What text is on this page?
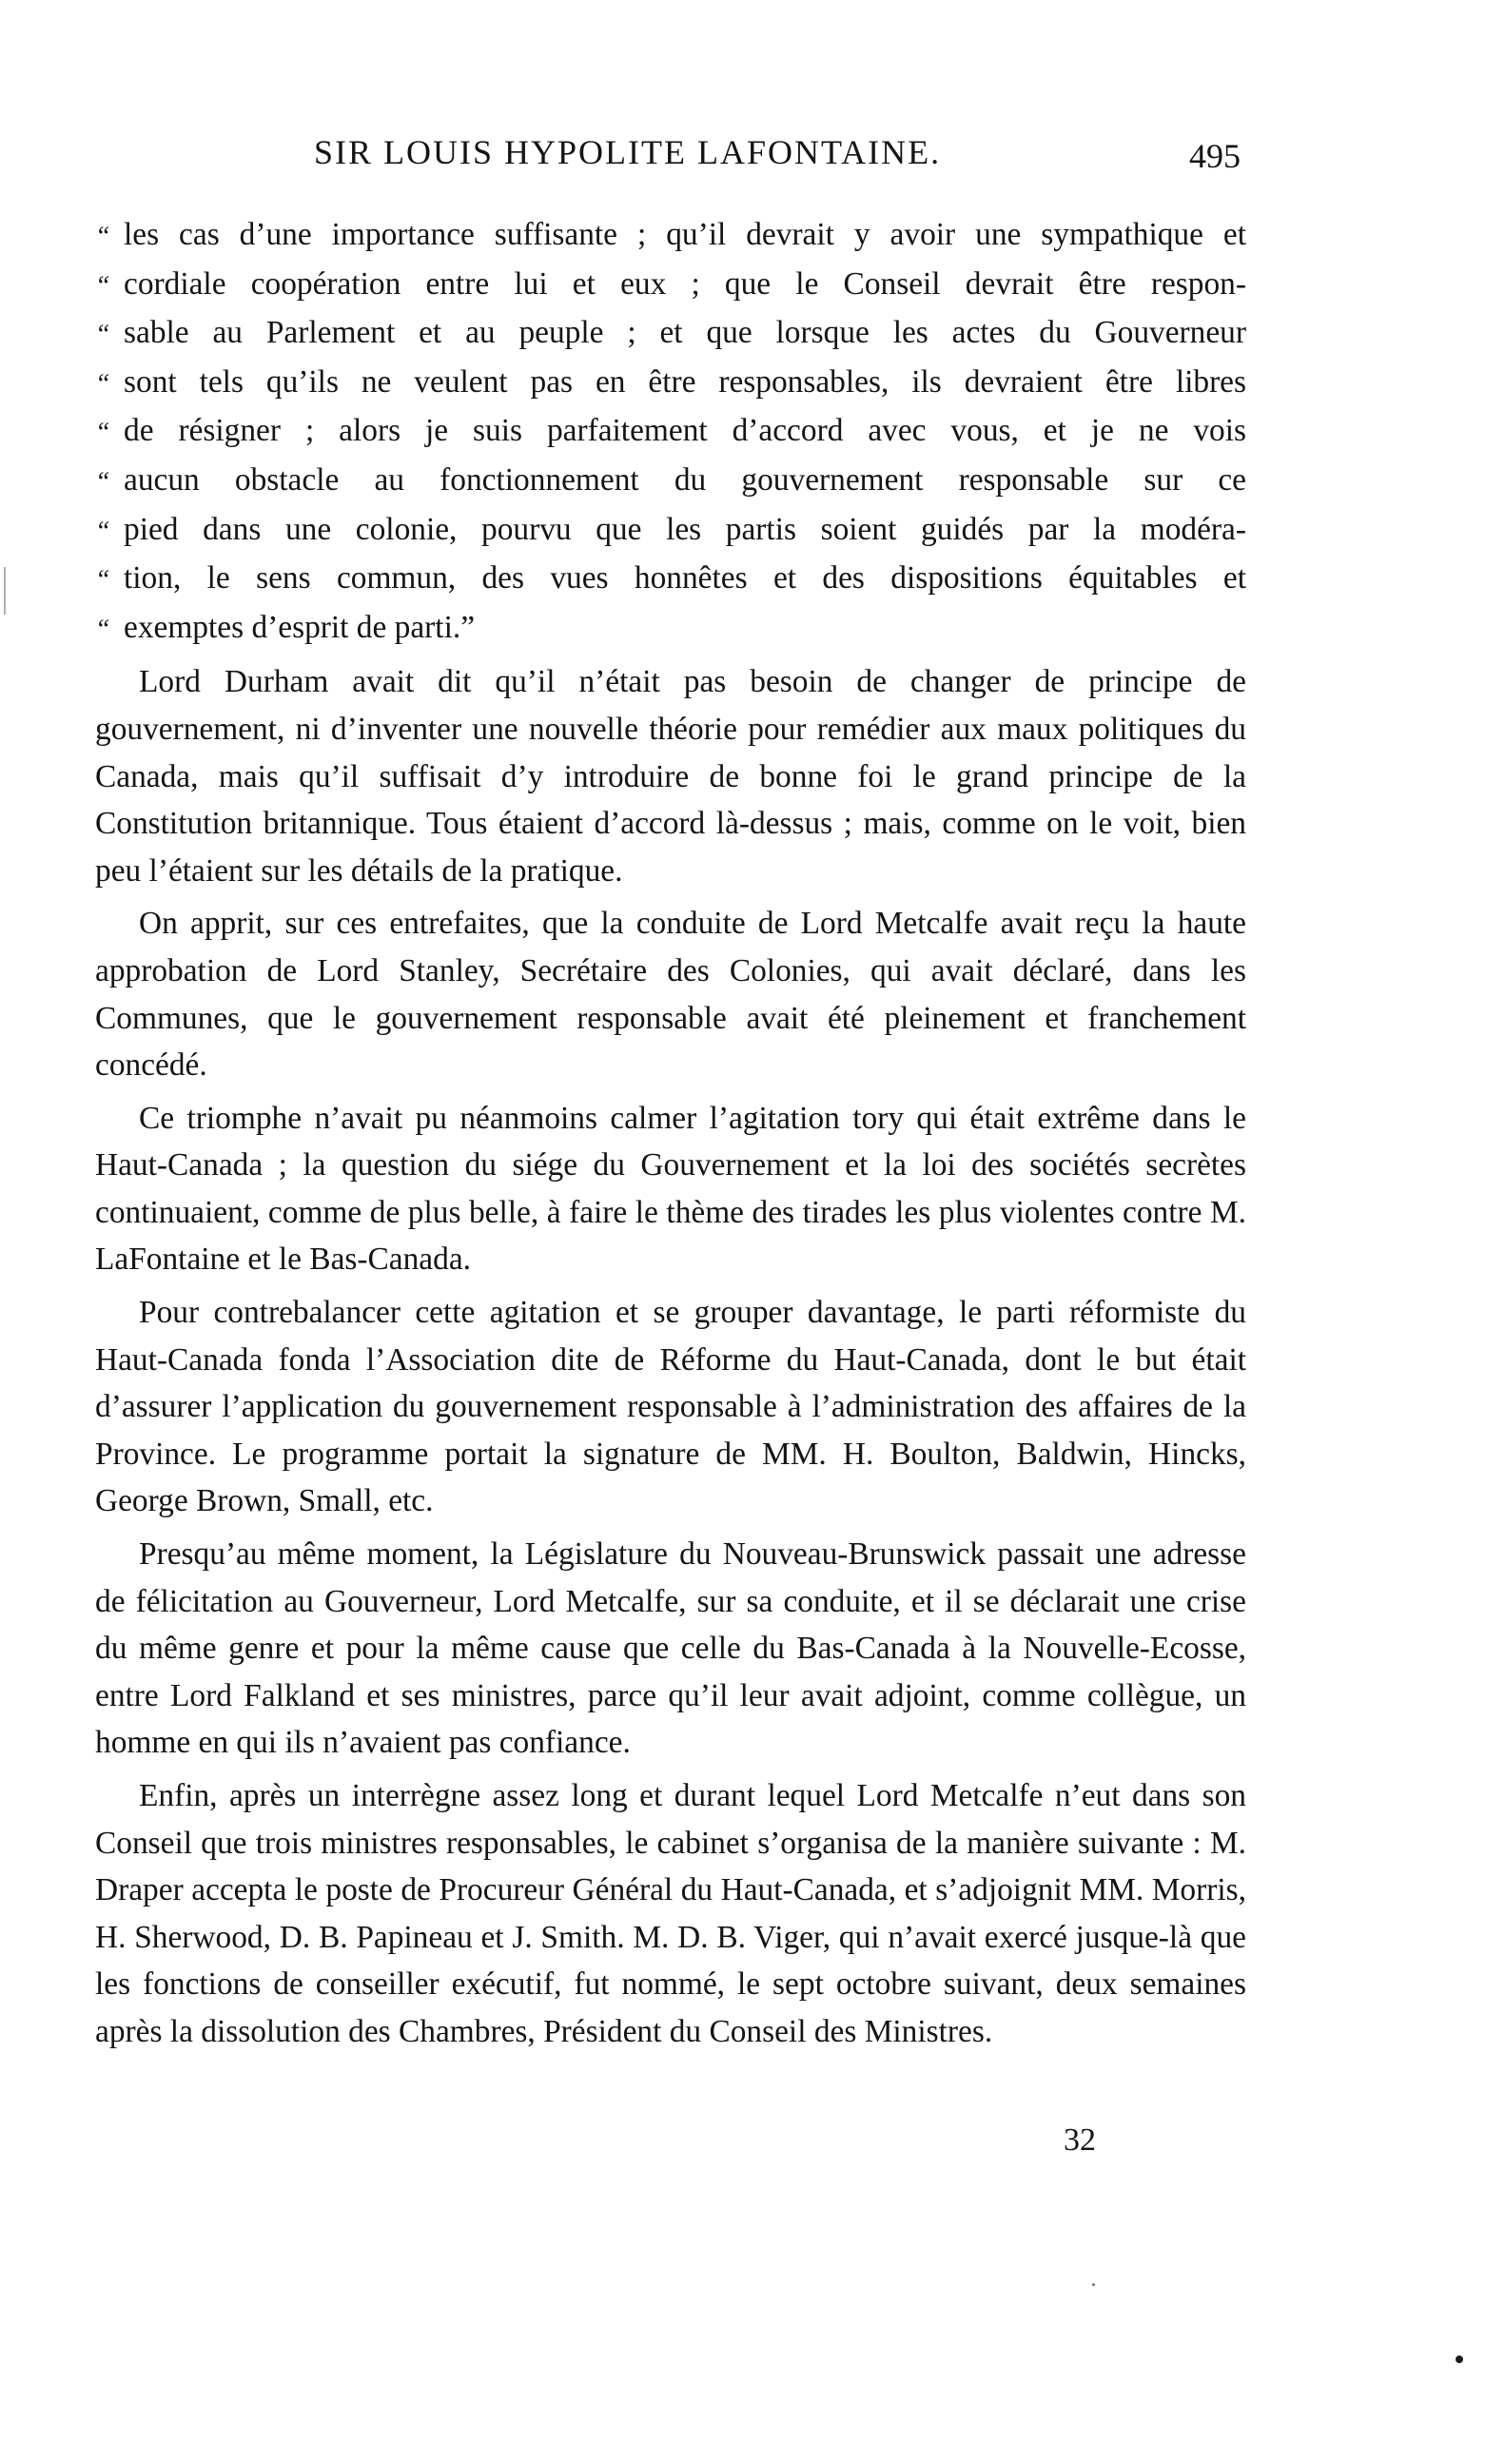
SIR LOUIS HYPOLITE LAFONTAINE.	495
“ les cas d’une importance suffisante ; qu’il devrait y avoir une sympathique et
“ cordiale coopération entre lui et eux ; que le Conseil devrait être respon-
“ sable au Parlement et au peuple ; et que lorsque les actes du Gouverneur
“ sont tels qu’ils ne veulent pas en être responsables, ils devraient être libres
“ de résigner ; alors je suis parfaitement d’accord avec vous, et je ne vois
“ aucun obstacle au fonctionnement du gouvernement responsable sur ce
“ pied dans une colonie, pourvu que les partis soient guidés par la modéra-
“ tion, le sens commun, des vues honnêtes et des dispositions équitables et
“ exemptes d’esprit de parti.”

Lord Durham avait dit qu’il n’était pas besoin de changer de principe de gouvernement, ni d’inventer une nouvelle théorie pour remédier aux maux politiques du Canada, mais qu’il suffisait d’y introduire de bonne foi le grand principe de la Constitution britannique. Tous étaient d’accord là-dessus ; mais, comme on le voit, bien peu l’étaient sur les détails de la pratique.

On apprit, sur ces entrefaites, que la conduite de Lord Metcalfe avait reçu la haute approbation de Lord Stanley, Secrétaire des Colonies, qui avait déclaré, dans les Communes, que le gouvernement responsable avait été pleinement et franchement concédé.

Ce triomphe n’avait pu néanmoins calmer l’agitation tory qui était extrême dans le Haut-Canada ; la question du siége du Gouvernement et la loi des sociétés secrètes continuaient, comme de plus belle, à faire le thème des tirades les plus violentes contre M. LaFontaine et le Bas-Canada.

Pour contrebalancer cette agitation et se grouper davantage, le parti réformiste du Haut-Canada fonda l’Association dite de Réforme du Haut-Canada, dont le but était d’assurer l’application du gouvernement responsable à l’administration des affaires de la Province. Le programme portait la signature de MM. H. Boulton, Baldwin, Hincks, George Brown, Small, etc.

Presqu’au même moment, la Législature du Nouveau-Brunswick passait une adresse de félicitation au Gouverneur, Lord Metcalfe, sur sa conduite, et il se déclarait une crise du même genre et pour la même cause que celle du Bas-Canada à la Nouvelle-Ecosse, entre Lord Falkland et ses ministres, parce qu’il leur avait adjoint, comme collègue, un homme en qui ils n’avaient pas confiance.

Enfin, après un interrègne assez long et durant lequel Lord Metcalfe n’eut dans son Conseil que trois ministres responsables, le cabinet s’organisa de la manière suivante : M. Draper accepta le poste de Procureur Général du Haut-Canada, et s’adjoignit MM. Morris, H. Sherwood, D. B. Papineau et J. Smith. M. D. B. Viger, qui n’avait exercé jusque-là que les fonctions de conseiller exécutif, fut nommé, le sept octobre suivant, deux semaines après la dissolution des Chambres, Président du Conseil des Ministres.

32
